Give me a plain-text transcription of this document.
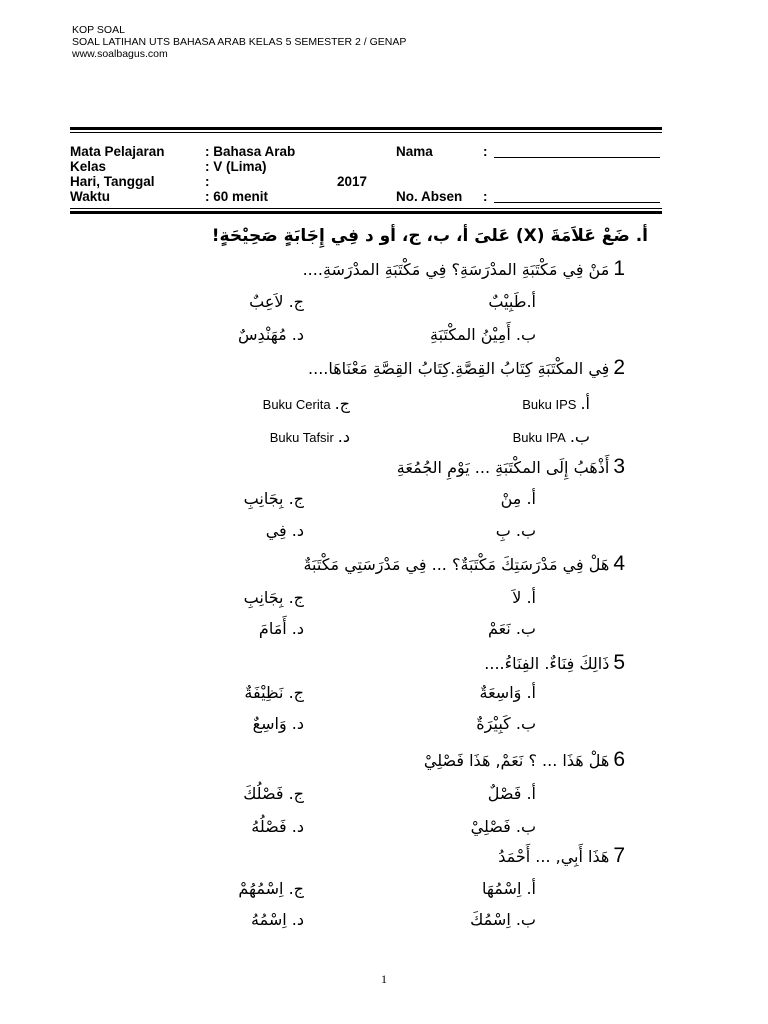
KOP SOAL
SOAL LATIHAN UTS BAHASA ARAB KELAS 5 SEMESTER 2 / GENAP
www.soalbagus.com
Mata Pelajaran	: Bahasa Arab
Kelas	: V (Lima)
Hari, Tanggal	:	2017
Waktu	: 60 menit
Nama	:
No. Absen :
أ. ضَعْ عَلاَمَةَ (X) عَلىَ أ، ب، ج، أو د فِي إِجَابَةٍ صَحِيْحَةٍ!
1
مَنْ فِي مَكْتَبَةِ المدْرَسَةِ؟ فِي مَكْتَبَةِ المدْرَسَةِ....
أ.طَبِيْبٌ
ج. لاَعِبٌ
ب. أَمِيْنُ المكْتَبَةِ
د. مُهَنْدِسٌ
2
فِي المكْتَبَةِ كِتَابُ القِصَّةِ.كِتَابُ القِصَّةِ مَعْنَاهَا....
أ.Buku IPS
ج.Buku Cerita
ب.Buku IPA
د.Buku Tafsir
3
أَذْهَبُ إِلَى المكْتَبَةِ ... يَوْمِ الجُمُعَةِ
أ. مِنْ
ج. بِجَانِبِ
ب. بِ
د. فِي
4
هَلْ فِي مَدْرَسَتِكَ مَكْتَبَةٌ؟ ... فِي مَدْرَسَتِي مَكْتَبَةٌ
أ. لاَ
ج. بِجَانِبِ
ب. نَعَمْ
د. أَمَامَ
5
ذَالِكَ فِنَاءٌ. الفِنَاءُ....
أ. وَاسِعَةٌ
ج. نَظِيْفَةٌ
ب. كَبِيْرَةٌ
د. وَاسِعٌ
6
هَلْ هَذَا ... ؟ نَعَمْ, هَذَا فَصْلِيْ
أ. فَصْلٌ
ج. فَصْلُكَ
ب. فَصْلِيْ
د. فَصْلُهُ
7
هَذَا أَبِي, ... أَحْمَدُ
أ. اِسْمُهَا
ج. اِسْمُهُمْ
ب. اِسْمُكَ
د. اِسْمُهُ
1
